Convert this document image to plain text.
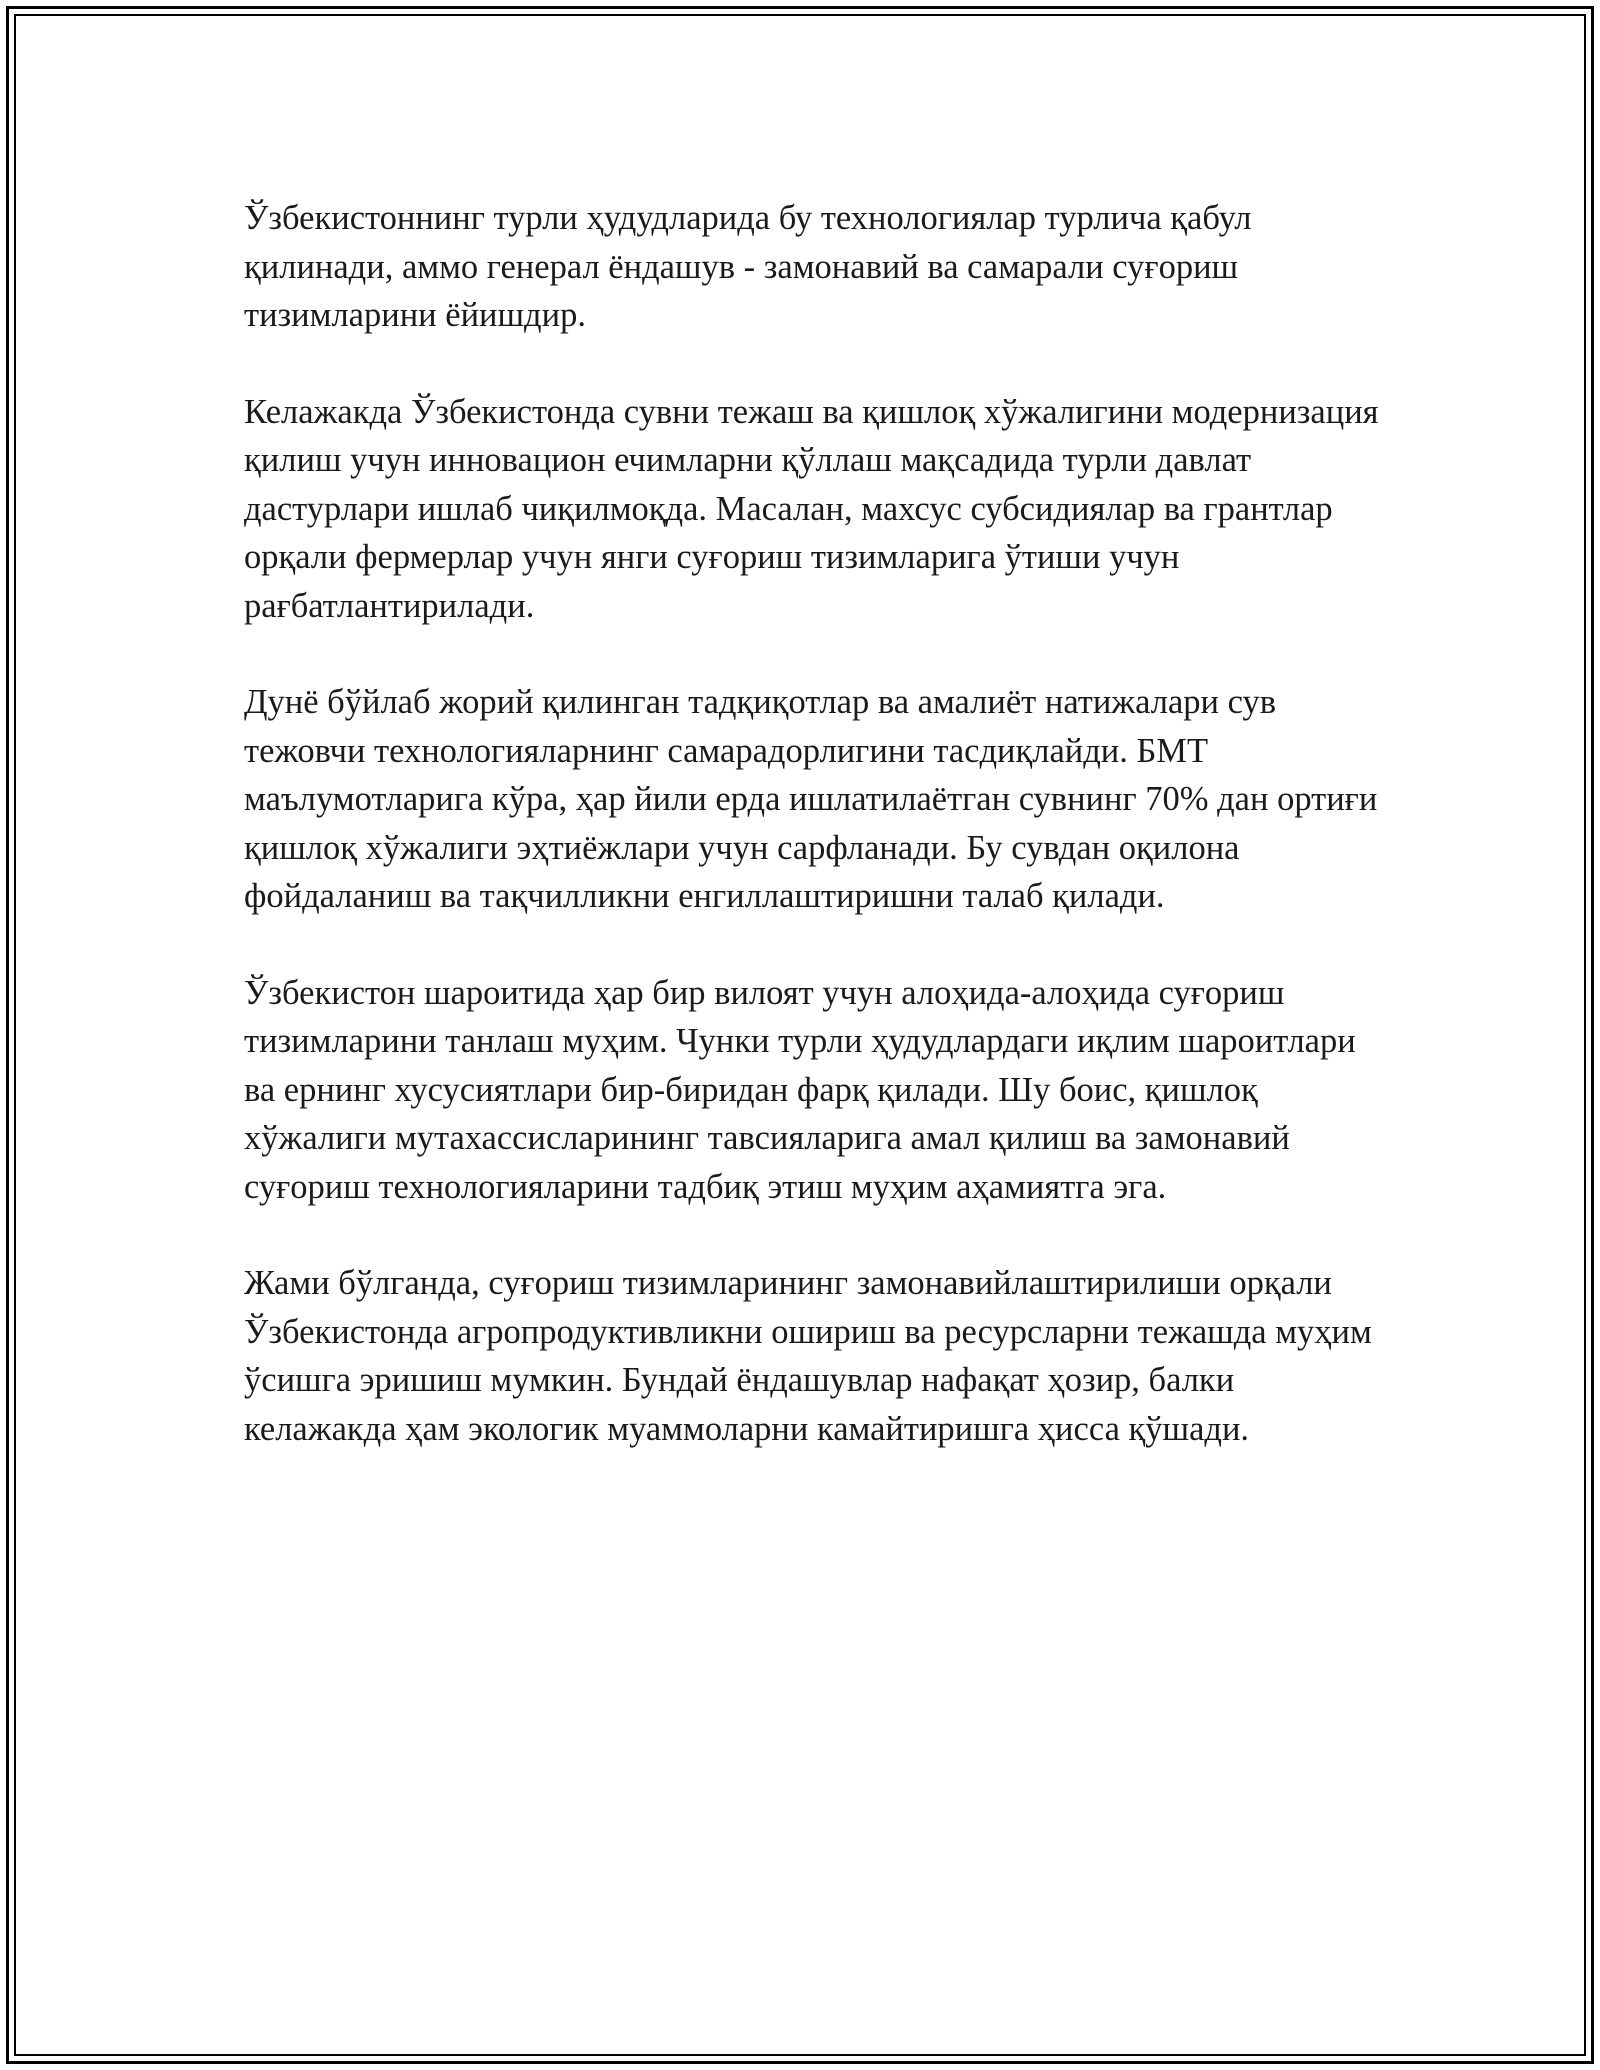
Ўзбекистоннинг турли ҳудудларида бу технологиялар турлича қабул қилинади, аммо генерал ёндашув - замонавий ва самарали суғориш тизимларини ёйишдир.

Келажакда Ўзбекистонда сувни тежаш ва қишлоқ хўжалигини модернизация қилиш учун инновацион ечимларни қўллаш мақсадида турли давлат дастурлари ишлаб чиқилмоқда. Масалан, махсус субсидиялар ва грантлар орқали фермерлар учун янги суғориш тизимларига ўтиши учун рағбатлантирилади.

Дунё бўйлаб жорий қилинган тадқиқотлар ва амалиёт натижалари сув тежовчи технологияларнинг самарадорлигини тасдиқлайди. БМТ маълумотларига кўра, ҳар йили ерда ишлатилаётган сувнинг 70% дан ортиғи қишлоқ хўжалиги эҳтиёжлари учун сарфланади. Бу сувдан оқилона фойдаланиш ва тақчилликни енгиллаштиришни талаб қилади.

Ўзбекистон шароитида ҳар бир вилоят учун алоҳида-алоҳида суғориш тизимларини танлаш муҳим. Чунки турли ҳудудлардаги иқлим шароитлари ва ернинг хусусиятлари бир-биридан фарқ қилади. Шу боис, қишлоқ хўжалиги мутахассисларининг тавсияларига амал қилиш ва замонавий суғориш технологияларини тадбиқ этиш муҳим аҳамиятга эга.

Жами бўлганда, суғориш тизимларининг замонавийлаштирилиши орқали Ўзбекистонда агропродуктивликни ошириш ва ресурсларни тежашда муҳим ўсишга эришиш мумкин. Бундай ёндашувлар нафақат ҳозир, балки келажакда ҳам экологик муаммоларни камайтиришга ҳисса қўшади.
